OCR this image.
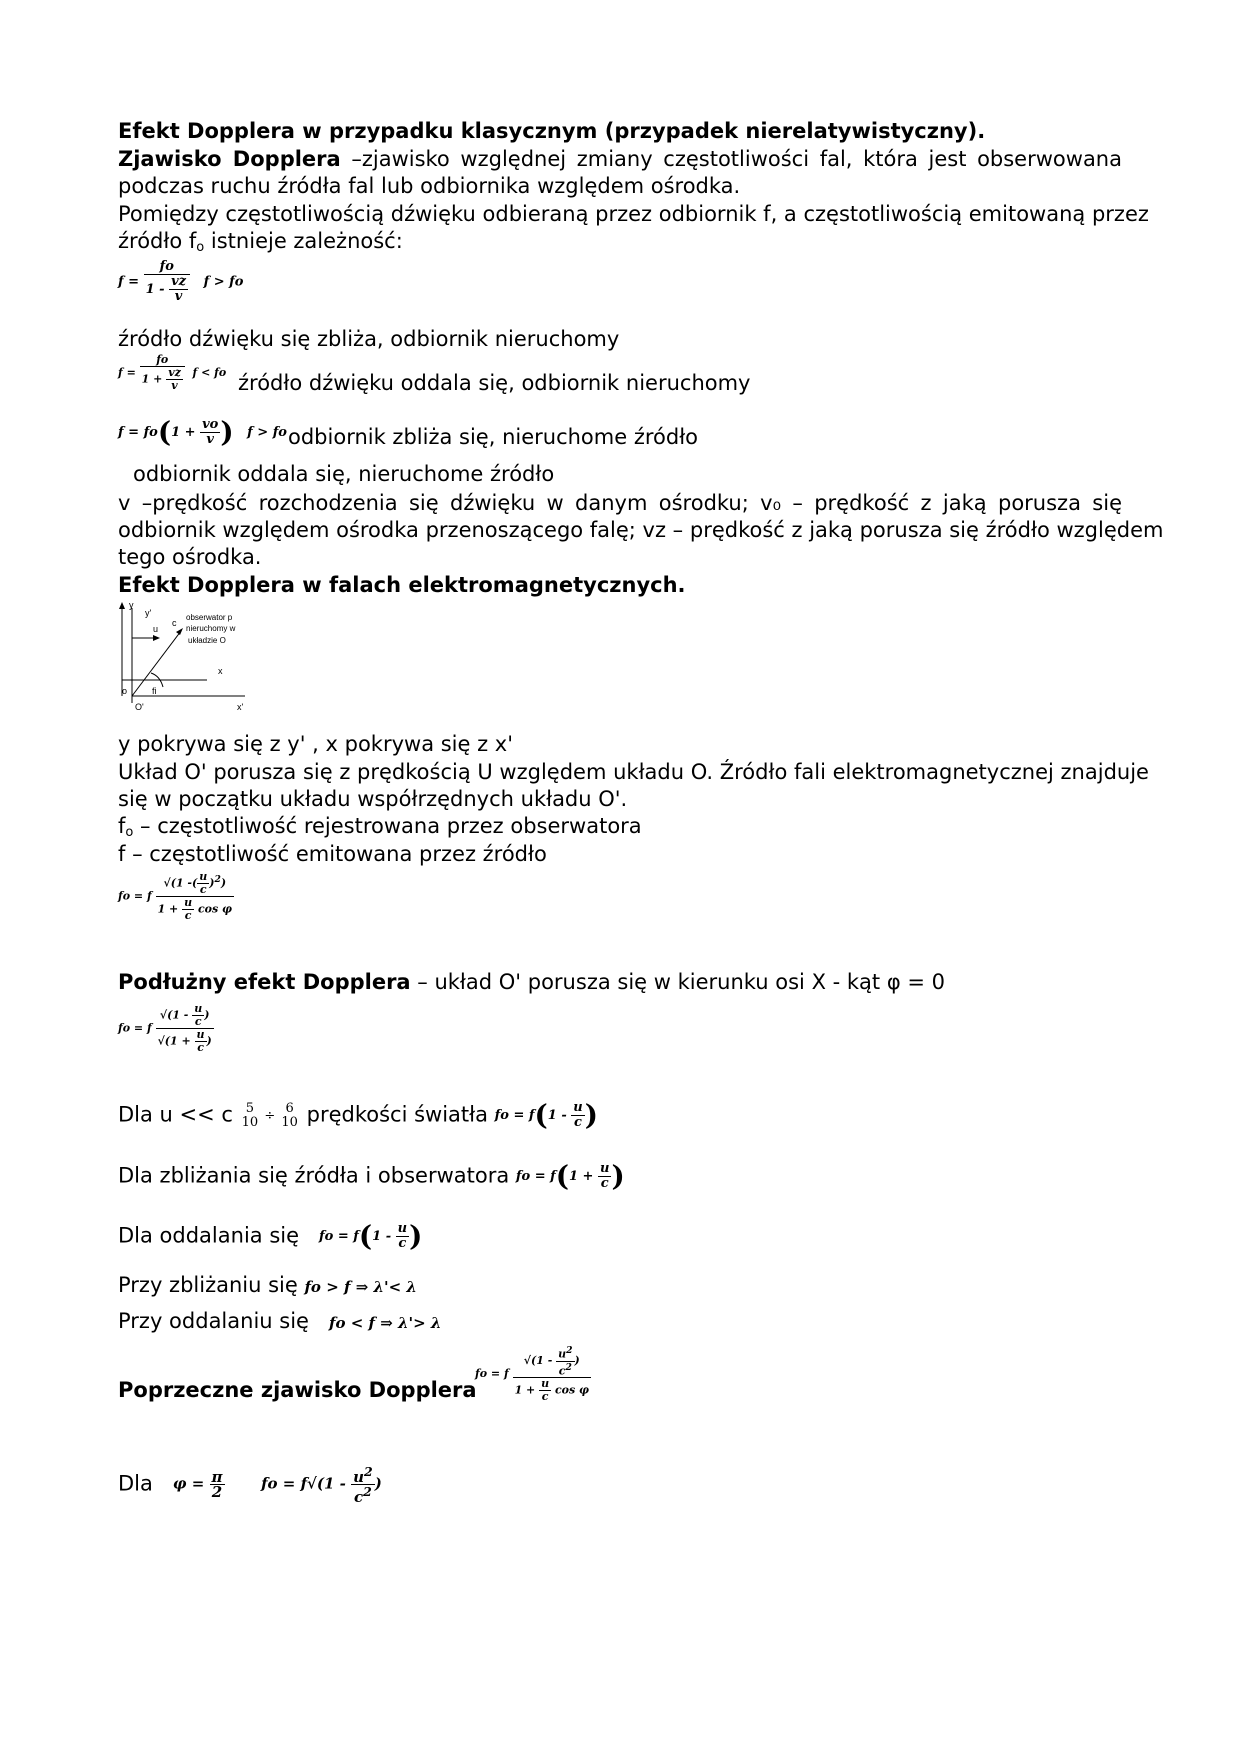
Efekt Dopplera w przypadku klasycznym (przypadek nierelatywistyczny).
Zjawisko Dopplera –zjawisko względnej zmiany częstotliwości fal, która jest obserwowana
podczas ruchu źródła fal lub odbiornika względem ośrodka.
Pomiędzy częstotliwością dźwięku odbieraną przez odbiornik f, a częstotliwością emitowaną przez
źródło $f_o$ istnieje zależność:
$f = \frac{fo}{1 - \frac{vz}{v}}$ f > fo
źródło dźwięku się zbliża, odbiornik nieruchomy
$f = \frac{fo}{1 + \frac{vz}{v}}$ f < fo źródło dźwięku oddala się, odbiornik nieruchomy
$f = fo(1 + \frac{vo}{v}$ ) f > fo odbiornik zbliża się, nieruchome źródło
odbiornik oddala się, nieruchome źródło
v –prędkość rozchodzenia się dźwięku w danym ośrodku; v₀ – prędkość z jaką porusza się
odbiornik względem ośrodka przenoszącego falę; vz – prędkość z jaką porusza się źródło względem
tego ośrodka.
Efekt Dopplera w falach elektromagnetycznych.
y
y'
u
c
obserwator p
nieruchomy w
układzie O
x
o	fi
O'	x'
y pokrywa się z y' , x pokrywa się z x'
Układ O' porusza się z prędkością U względem układu O. Źródło fali elektromagnetycznej znajduje
się w początku układu współrzędnych układu O'.
$f_o$ – częstotliwość rejestrowana przez obserwatora
f – częstotliwość emitowana przez źródło
fo = f $\frac{√(1 -( \frac{u}{c} )^2)}{1 + \frac{u}{c} \cos \varphi}$
Podłużny efekt Dopplera – układ O' porusza się w kierunku osi X - kąt φ = 0
fo = f $\frac{√(1 - \frac{u}{c} )}{√(1 + \frac{u}{c} )}$
Dla u << c 5
10 ÷ 6
10 prędkości światła fo = $f(1 - \frac{u}{c}$ )
Dla zbliżania się źródła i obserwatora fo = $f(1 + \frac{u}{c}$ )
Dla oddalania się fo = $f(1 - \frac{u}{c}$ )
Przy zbliżaniu się fo > f ⇒ λ'< λ
Przy oddalaniu się fo < f ⇒ λ'> λ
Poprzeczne zjawisko Dopplera
fo = f $\frac{√(1 - \frac{u^2}{c^2} )}{1 + \frac{u}{c} \cos \varphi}$
Dla $\varphi = \frac{\pi}{2}$ fo = $f√(1 - \frac{u^2}{c^2}$ )
